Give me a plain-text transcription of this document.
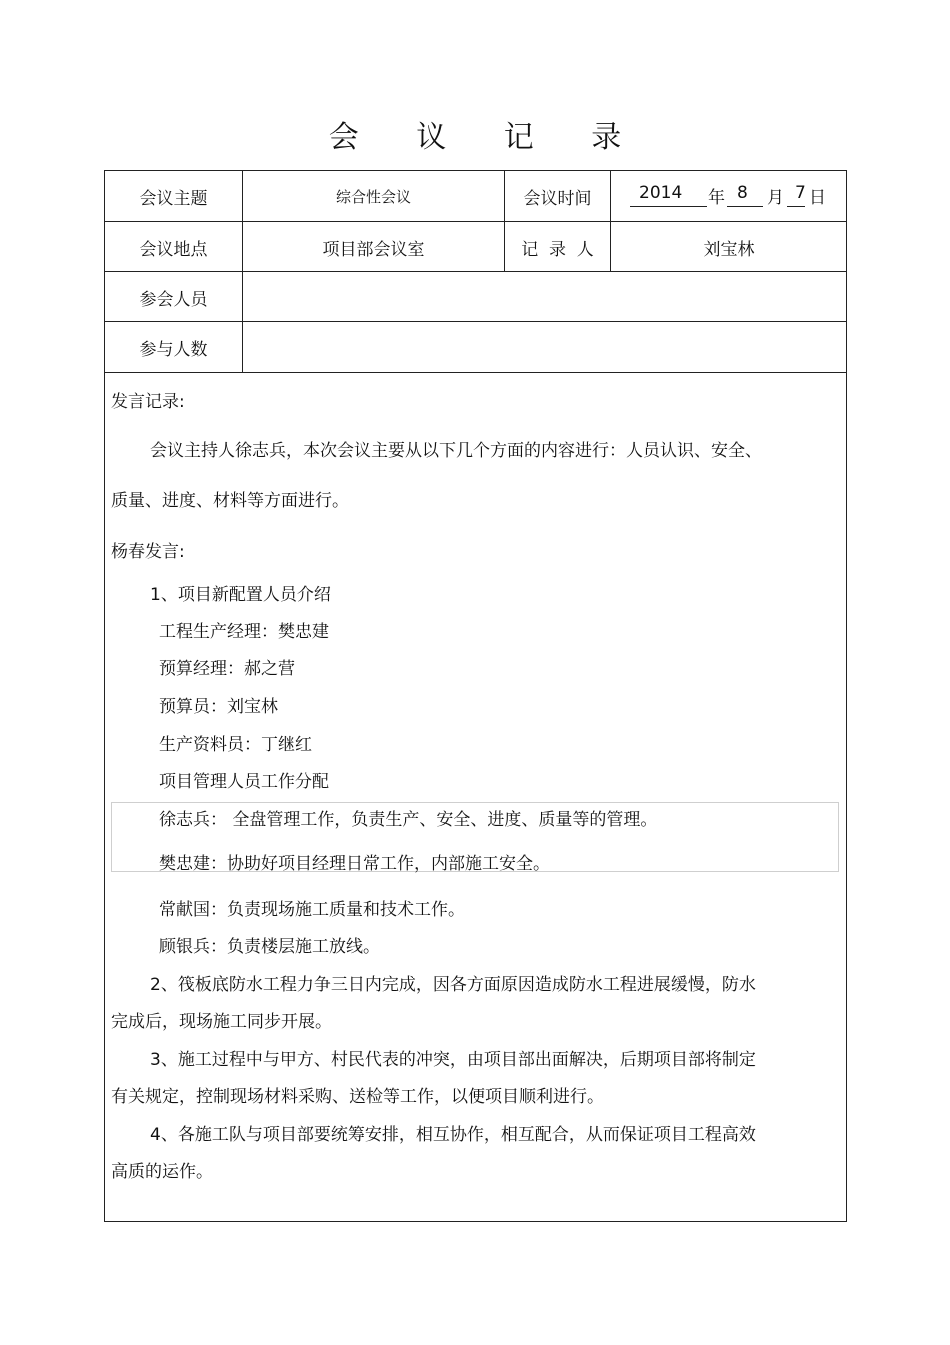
会 议 记 录
会议主题	综合性会议	会议时间	2014 年 8 月 7 日
会议地点	项目部会议室	记  录  人	刘宝林
参会人员
参与人数
发言记录:
会议主持人徐志兵，本次会议主要从以下几个方面的内容进行：人员认识、安全、
质量、进度、材料等方面进行。
杨春发言:
1、项目新配置人员介绍
工程生产经理：樊忠建
预算经理：郝之营
预算员：刘宝林
生产资料员：丁继红
项目管理人员工作分配
徐志兵： 全盘管理工作，负责生产、安全、进度、质量等的管理。
樊忠建：协助好项目经理日常工作，内部施工安全。
常献国：负责现场施工质量和技术工作。
顾银兵：负责楼层施工放线。
2、筏板底防水工程力争三日内完成，因各方面原因造成防水工程进展缓慢，防水
完成后，现场施工同步开展。
3、施工过程中与甲方、村民代表的冲突，由项目部出面解决，后期项目部将制定
有关规定，控制现场材料采购、送检等工作，以便项目顺利进行。
4、各施工队与项目部要统筹安排，相互协作，相互配合，从而保证项目工程高效
高质的运作。
